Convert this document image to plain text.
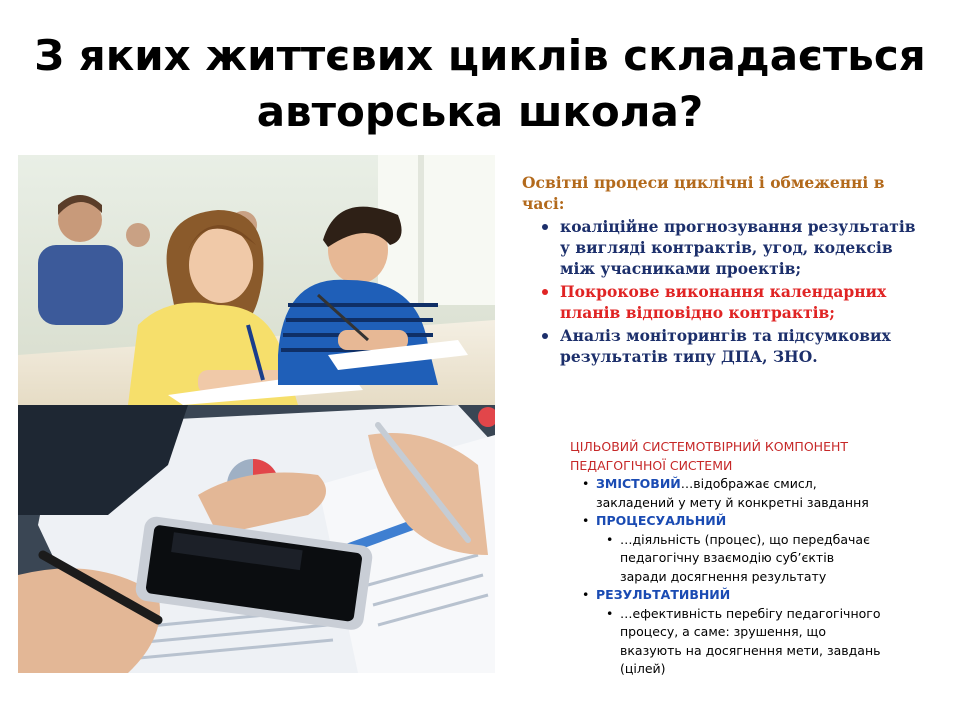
З яких життєвих циклів складається
авторська школа?
Освітні процеси циклічні і обмеженні в
часі:
коаліційне прогнозування результатів
у вигляді контрактів, угод, кодексів
між учасниками проектів;
Покрокове виконання календарних
планів відповідно контрактів;
Аналіз моніторингів та підсумкових
результатів типу ДПА, ЗНО.
ЦІЛЬОВИЙ СИСТЕМОТВІРНИЙ КОМПОНЕНТ
ПЕДАГОГІЧНОЇ СИСТЕМИ
• ЗМІСТОВИЙ…відображає смисл,
закладений у мету й конкретні завдання
• ПРОЦЕСУАЛЬНИЙ
• …діяльність (процес), що передбачає
педагогічну взаємодію суб’єктів
заради досягнення результату
• РЕЗУЛЬТАТИВНИЙ
• …ефективність перебігу педагогічного
процесу, а саме: зрушення, що
вказують на досягнення мети, завдань
(цілей)
